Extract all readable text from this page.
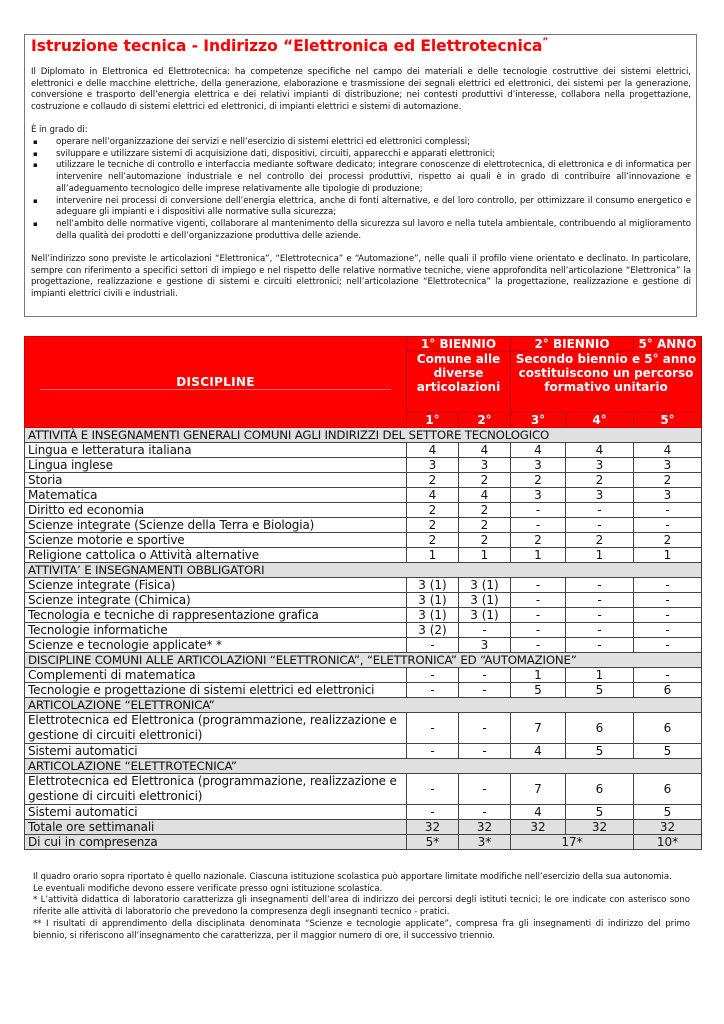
Istruzione tecnica - Indirizzo “Elettronica ed Elettrotecnica”

Il Diplomato in Elettronica ed Elettrotecnica: ha competenze specifiche nel campo dei materiali e delle tecnologie costruttive dei sistemi elettrici, elettronici e delle macchine elettriche, della generazione, elaborazione e trasmissione dei segnali elettrici ed elettronici, dei sistemi per la generazione, conversione e trasporto dell’energia elettrica e dei relativi impianti di distribuzione; nei contesti produttivi d’interesse, collabora nella progettazione, costruzione e collaudo di sistemi elettrici ed elettronici, di impianti elettrici e sistemi di automazione.

È in grado di:

▪ operare nell’organizzazione dei servizi e nell’esercizio di sistemi elettrici ed elettronici complessi;
▪ sviluppare e utilizzare sistemi di acquisizione dati, dispositivi, circuiti, apparecchi e apparati elettronici;
▪ utilizzare le tecniche di controllo e interfaccia mediante software dedicato; integrare conoscenze di elettrotecnica, di elettronica e di informatica per intervenire nell’automazione industriale e nel controllo dei processi produttivi, rispetto ai quali è in grado di contribuire all’innovazione e all’adeguamento tecnologico delle imprese relativamente alle tipologie di produzione;
▪ intervenire nei processi di conversione dell’energia elettrica, anche di fonti alternative, e del loro controllo, per ottimizzare il consumo energetico e adeguare gli impianti e i dispositivi alle normative sulla sicurezza;
▪ nell’ambito delle normative vigenti, collaborare al mantenimento della sicurezza sul lavoro e nella tutela ambientale, contribuendo al miglioramento della qualità dei prodotti e dell’organizzazione produttiva delle aziende.

Nell’indirizzo sono previste le articolazioni “Elettronica”, “Elettrotecnica” e “Automazione”, nelle quali il profilo viene orientato e declinato. In particolare, sempre con riferimento a specifici settori di impiego e nel rispetto delle relative normative tecniche, viene approfondita nell’articolazione “Elettronica” la progettazione, realizzazione e gestione di sistemi e circuiti elettronici; nell’articolazione “Elettrotecnica” la progettazione, realizzazione e gestione di impianti elettrici civili e industriali.

DISCIPLINE	1° BIENNIO		2° BIENNIO		5° ANNO
	Comune alle diverse articolazioni		Secondo biennio e 5° anno costituiscono un percorso formativo unitario		
	1°	2°	3°	4°	5°
ATTIVITÀ E INSEGNAMENTI GENERALI COMUNI AGLI INDIRIZZI DEL SETTORE TECNOLOGICO					
Lingua e letteratura italiana	4	4	4	4	4
Lingua inglese	3	3	3	3	3
Storia	2	2	2	2	2
Matematica	4	4	3	3	3
Diritto ed economia	2	2	-	-	-
Scienze integrate (Scienze della Terra e Biologia)	2	2	-	-	-
Scienze motorie e sportive	2	2	2	2	2
Religione cattolica o Attività alternative	1	1	1	1	1
ATTIVITA’ E INSEGNAMENTI OBBLIGATORI					
Scienze integrate (Fisica)	3 (1)	3 (1)	-	-	-
Scienze integrate (Chimica)	3 (1)	3 (1)	-	-	-
Tecnologia e tecniche di rappresentazione grafica	3 (1)	3 (1)	-	-	-
Tecnologie informatiche	3 (2)	-	-	-	-
Scienze e tecnologie applicate* *	-	3	-	-	-
DISCIPLINE COMUNI ALLE ARTICOLAZIONI “ELETTRONICA”, “ELETTRONICA” ED “AUTOMAZIONE”					
Complementi di matematica	-	-	1	1	-
Tecnologie e progettazione di sistemi elettrici ed elettronici	-	-	5	5	6
ARTICOLAZIONE “ELETTRONICA”					
Elettrotecnica ed Elettronica (programmazione, realizzazione e gestione di circuiti elettronici)	-	-	7	6	6
Sistemi automatici	-	-	4	5	5
ARTICOLAZIONE “ELETTROTECNICA”					
Elettrotecnica ed Elettronica (programmazione, realizzazione e gestione di circuiti elettronici)	-	-	7	6	6
Sistemi automatici	-	-	4	5	5
Totale ore settimanali	32	32	32	32	32
Di cui in compresenza	5*	3*	17*		10*

Il quadro orario sopra riportato è quello nazionale. Ciascuna istituzione scolastica può apportare limitate modifiche nell’esercizio della sua autonomia.

Le eventuali modifiche devono essere verificate presso ogni istituzione scolastica.

* L’attività didattica di laboratorio caratterizza gli insegnamenti dell’area di indirizzo dei percorsi degli istituti tecnici; le ore indicate con asterisco sono riferite alle attività di laboratorio che prevedono la compresenza degli insegnanti tecnico - pratici.

** I risultati di apprendimento della disciplinata denominata “Scienze e tecnologie applicate”, compresa fra gli insegnamenti di indirizzo del primo biennio, si riferiscono all’insegnamento che caratterizza, per il maggior numero di ore, il successivo triennio.
